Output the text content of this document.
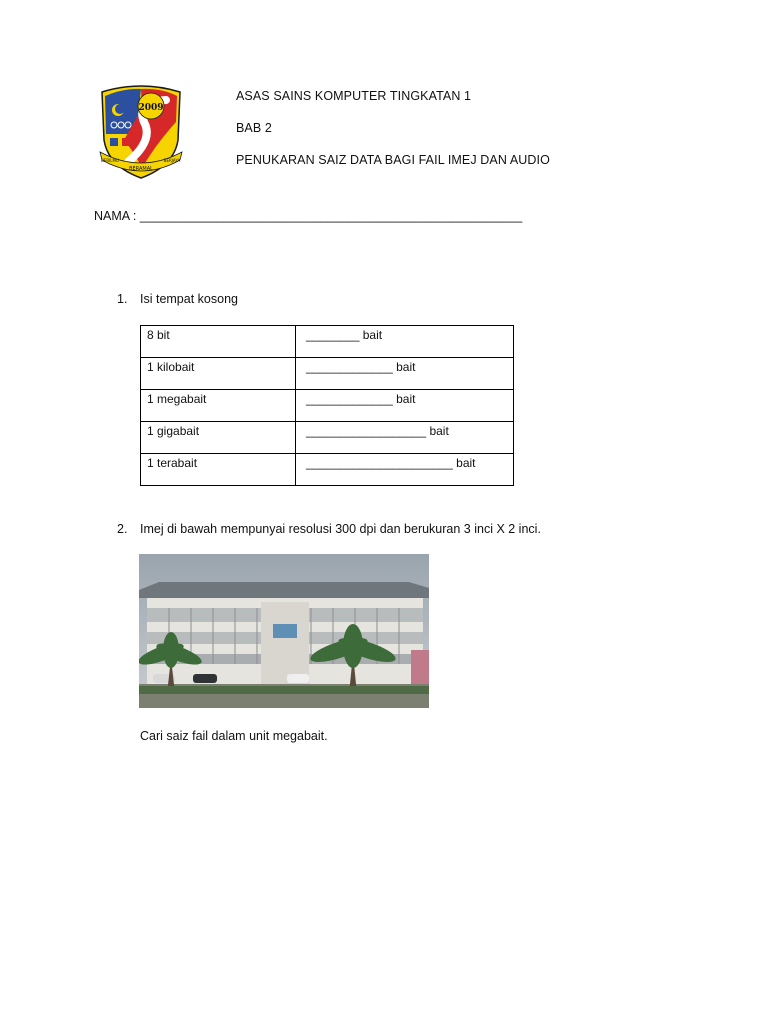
2009
BERAMAL
BERILMU	BERJAYA
ASAS SAINS KOMPUTER TINGKATAN 1
BAB 2
PENUKARAN SAIZ DATA BAGI FAIL IMEJ DAN AUDIO
NAMA : _______________________________________________________
1. Isi tempat kosong
8 bit	________ bait
1 kilobait	_____________ bait
1 megabait	_____________ bait
1 gigabait	__________________ bait
1 terabait	______________________ bait
2. Imej di bawah mempunyai resolusi 300 dpi dan berukuran 3 inci X 2 inci.
Cari saiz fail dalam unit megabait.
